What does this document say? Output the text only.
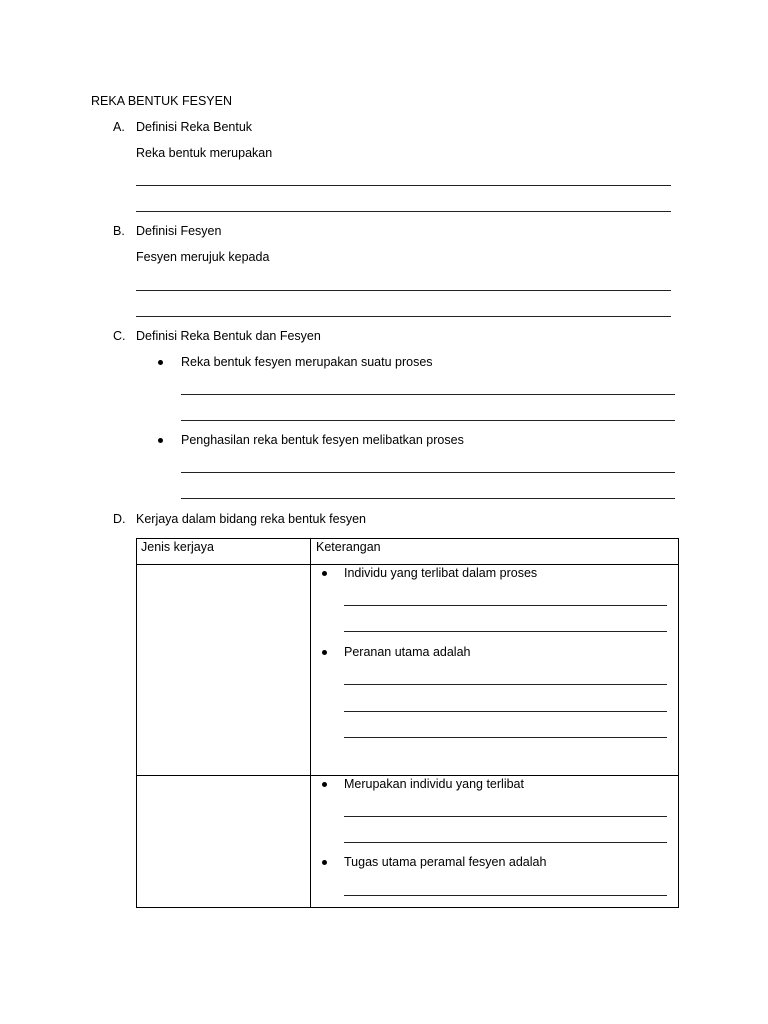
REKA BENTUK FESYEN
A. Definisi Reka Bentuk
Reka bentuk merupakan
B. Definisi Fesyen
Fesyen merujuk kepada
C. Definisi Reka Bentuk dan Fesyen
Reka bentuk fesyen merupakan suatu proses
Penghasilan reka bentuk fesyen melibatkan proses
D. Kerjaya dalam bidang reka bentuk fesyen
Jenis kerjaya	Keterangan
Individu yang terlibat dalam proses
Peranan utama adalah
Merupakan individu yang terlibat
Tugas utama peramal fesyen adalah
